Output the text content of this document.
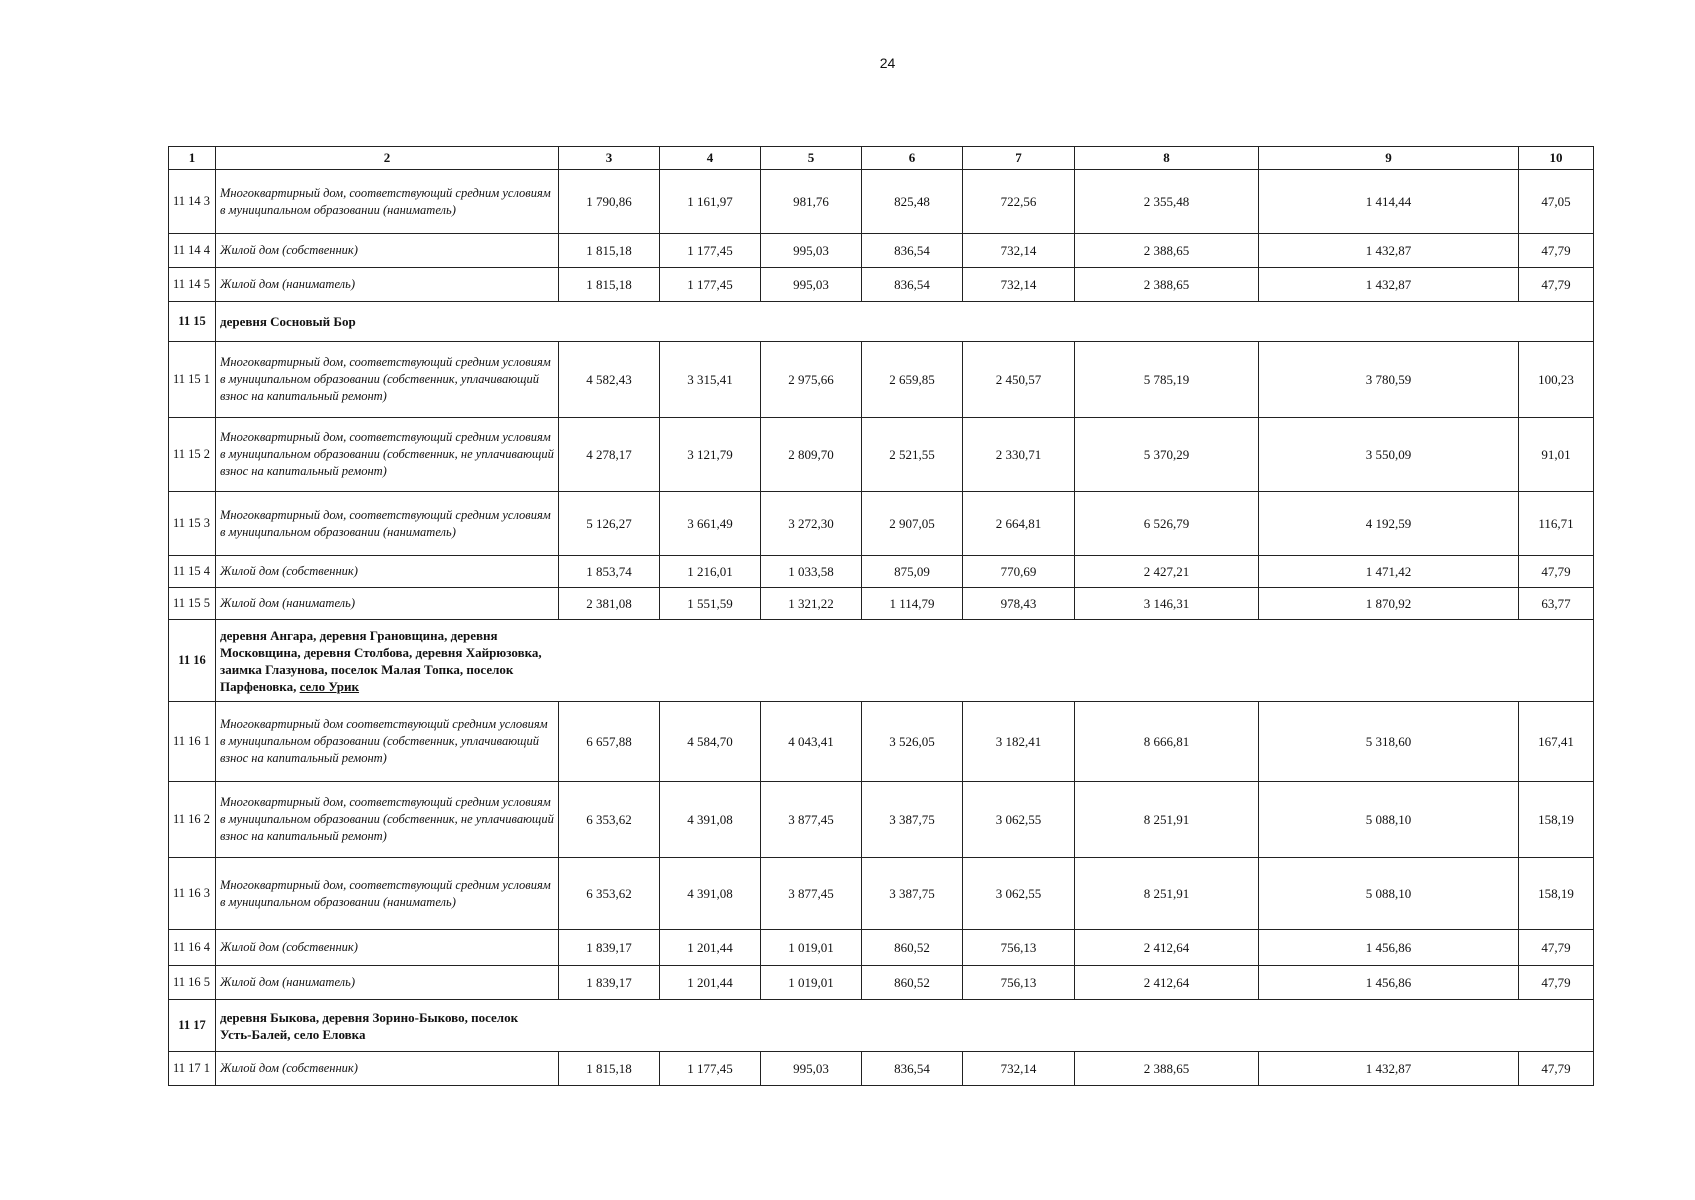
24
1	2	3	4	5	6	7	8	9	10
11 14 3	Многоквартирный дом, соответствующий средним условиям в муниципальном образовании (наниматель)	1 790,86	1 161,97	981,76	825,48	722,56	2 355,48	1 414,44	47,05
11 14 4	Жилой дом (собственник)	1 815,18	1 177,45	995,03	836,54	732,14	2 388,65	1 432,87	47,79
11 14 5	Жилой дом (наниматель)	1 815,18	1 177,45	995,03	836,54	732,14	2 388,65	1 432,87	47,79
11 15	деревня Сосновый Бор								

11 15 1	Многоквартирный дом, соответствующий средним условиям в муниципальном образовании (собственник, уплачивающий взнос на капитальный ремонт)	4 582,43	3 315,41	2 975,66	2 659,85	2 450,57	5 785,19	3 780,59	100,23
11 15 2	Многоквартирный дом, соответствующий средним условиям в муниципальном образовании (собственник, не уплачивающий взнос на капитальный ремонт)	4 278,17	3 121,79	2 809,70	2 521,55	2 330,71	5 370,29	3 550,09	91,01
11 15 3	Многоквартирный дом, соответствующий средним условиям в муниципальном образовании (наниматель)	5 126,27	3 661,49	3 272,30	2 907,05	2 664,81	6 526,79	4 192,59	116,71
11 15 4	Жилой дом (собственник)	1 853,74	1 216,01	1 033,58	875,09	770,69	2 427,21	1 471,42	47,79
11 15 5	Жилой дом (наниматель)	2 381,08	1 551,59	1 321,22	1 114,79	978,43	3 146,31	1 870,92	63,77
11 16	деревня Ангара, деревня Грановщина, деревня Московщина, деревня Столбова, деревня Хайрюзовка, заимка Глазунова, поселок Малая Топка, поселок Парфеновка, село Урик								

11 16 1	Многоквартирный дом соответствующий средним условиям в муниципальном образовании (собственник, уплачивающий взнос на капитальный ремонт)	6 657,88	4 584,70	4 043,41	3 526,05	3 182,41	8 666,81	5 318,60	167,41
11 16 2	Многоквартирный дом, соответствующий средним условиям в муниципальном образовании (собственник, не уплачивающий взнос на капитальный ремонт)	6 353,62	4 391,08	3 877,45	3 387,75	3 062,55	8 251,91	5 088,10	158,19
11 16 3	Многоквартирный дом, соответствующий средним условиям в муниципальном образовании (наниматель)	6 353,62	4 391,08	3 877,45	3 387,75	3 062,55	8 251,91	5 088,10	158,19
11 16 4	Жилой дом (собственник)	1 839,17	1 201,44	1 019,01	860,52	756,13	2 412,64	1 456,86	47,79
11 16 5	Жилой дом (наниматель)	1 839,17	1 201,44	1 019,01	860,52	756,13	2 412,64	1 456,86	47,79
11 17	деревня Быкова, деревня Зорино-Быково, поселок Усть-Балей, село Еловка								

11 17 1	Жилой дом (собственник)	1 815,18	1 177,45	995,03	836,54	732,14	2 388,65	1 432,87	47,79
